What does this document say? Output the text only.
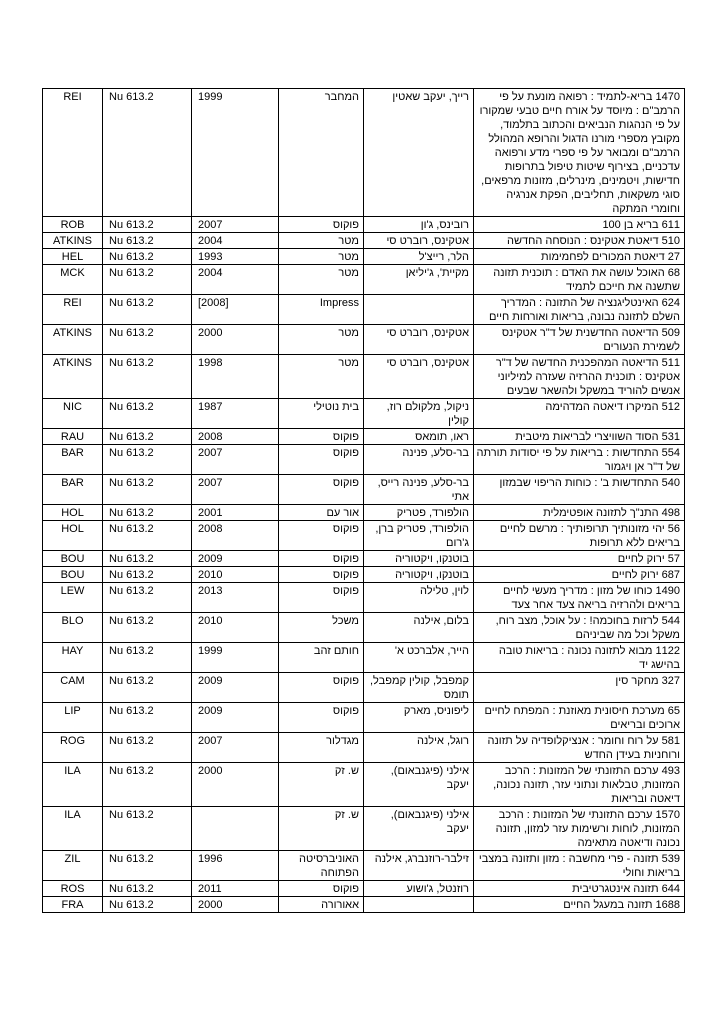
REI	Nu 613.2	1999	המחבר	רייך, יעקב שאטין	1470 בריא-לתמיד : רפואה מונעת על פי הרמב"ם : מיוסד על אורח חיים טבעי שמקורו על פי הנהגות הנביאים והכתוב בתלמוד, מקובץ מספרי מורנו הדגול והרופא המהולל הרמב"ם ומבואר על פי ספרי מדע ורפואה עדכניים, בצירוף שיטות טיפול בתרופות חדישות, ויטמינים, מינרלים, מזונות מרפאים, סוגי משקאות, תחליבים, הפקת אנרגיה וחומרי המתקה
ROB	Nu 613.2	2007	פוקוס	רובינס, ג'ון	611 בריא בן 100
ATKINS	Nu 613.2	2004	מטר	אטקינס, רוברט סי	510 דיאטת אטקינס : הנוסחה החדשה
HEL	Nu 613.2	1993	מטר	הלר, רייצ'ל	27 דיאטת המכורים לפחמימות
MCK	Nu 613.2	2004	מטר	מקיית', ג'יליאן	68 האוכל עושה את האדם : תוכנית תזונה שתשנה את חייכם לתמיד
REI	Nu 613.2	[2008]	Impress		624 האינטליגנציה של התזונה : המדריך השלם לתזונה נבונה, בריאות ואורחות חיים
ATKINS	Nu 613.2	2000	מטר	אטקינס, רוברט סי	509 הדיאטה החדשנית של ד"ר אטקינס לשמירת הנעורים
ATKINS	Nu 613.2	1998	מטר	אטקינס, רוברט סי	511 הדיאטה המהפכנית החדשה של ד"ר אטקינס : תוכנית ההרזיה שעזרה למיליוני אנשים להוריד במשקל ולהשאר שבעים
NIC	Nu 613.2	1987	בית נוטילי	ניקול, מלקולם רוז, קולין	512 המיקרו דיאטה המדהימה
RAU	Nu 613.2	2008	פוקוס	ראו, תומאס	531 הסוד השוויצרי לבריאות מיטבית
BAR	Nu 613.2	2007	פוקוס	בר-סלע, פנינה	554 התחדשות : בריאות על פי יסודות תורתה של ד"ר אן ויגמור
BAR	Nu 613.2	2007	פוקוס	בר-סלע, פנינה רייס, אתי	540 התחדשות ב' : כוחות הריפוי שבמזון
HOL	Nu 613.2	2001	אור עם	הולפורד, פטריק	498 התנ"ך לתזונה אופטימלית
HOL	Nu 613.2	2008	פוקוס	הולפורד, פטריק ברן, ג'רום	56 יהי מזונותיך תרופותיך : מרשם לחיים בריאים ללא תרופות
BOU	Nu 613.2	2009	פוקוס	בוטנקו, ויקטוריה	57 ירוק לחיים
BOU	Nu 613.2	2010	פוקוס	בוטנקו, ויקטוריה	687 ירוק לחיים
LEW	Nu 613.2	2013	פוקוס	לוין, טלילה	1490 כוחו של מזון : מדריך מעשי לחיים בריאים ולהרזיה בריאה צעד אחר צעד
BLO	Nu 613.2	2010	משכל	בלום, אילנה	544 לרזות בחוכמה! : על אוכל, מצב רוח, משקל וכל מה שביניהם
HAY	Nu 613.2	1999	חותם זהב	הייר, אלברכט א'	1122 מבוא לתזונה נכונה : בריאות טובה בהישג יד
CAM	Nu 613.2	2009	פוקוס	קמפבל, קולין קמפבל, תומס	327 מחקר סין
LIP	Nu 613.2	2009	פוקוס	ליפוניס, מארק	65 מערכת חיסונית מאוזנת : המפתח לחיים ארוכים ובריאים
ROG	Nu 613.2	2007	מגדלור	רוגל, אילנה	581 על רוח וחומר : אנציקלופדיה על תזונה ורוחניות בעידן החדש
ILA	Nu 613.2	2000	ש. זק	אילני (פיגנבאום), יעקב	493 ערכם התזונתי של המזונות : הרכב המזונות, טבלאות ונתוני עזר, תזונה נכונה, דיאטה ובריאות
ILA	Nu 613.2		ש. זק	אילני (פיגנבאום), יעקב	1570 ערכם התזונתי של המזונות : הרכב המזונות, לוחות ורשימות עזר למזון, תזונה נכונה ודיאטה מתאימה
ZIL	Nu 613.2	1996	האוניברסיטה הפתוחה	זילבר-רוזנברג, אילנה	539 תזונה - פרי מחשבה : מזון ותזונה במצבי בריאות וחולי
ROS	Nu 613.2	2011	פוקוס	רוזנטל, ג'ושוע	644 תזונה אינטגרטיבית
FRA	Nu 613.2	2000	אאורורה		1688 תזונה במעגל החיים
